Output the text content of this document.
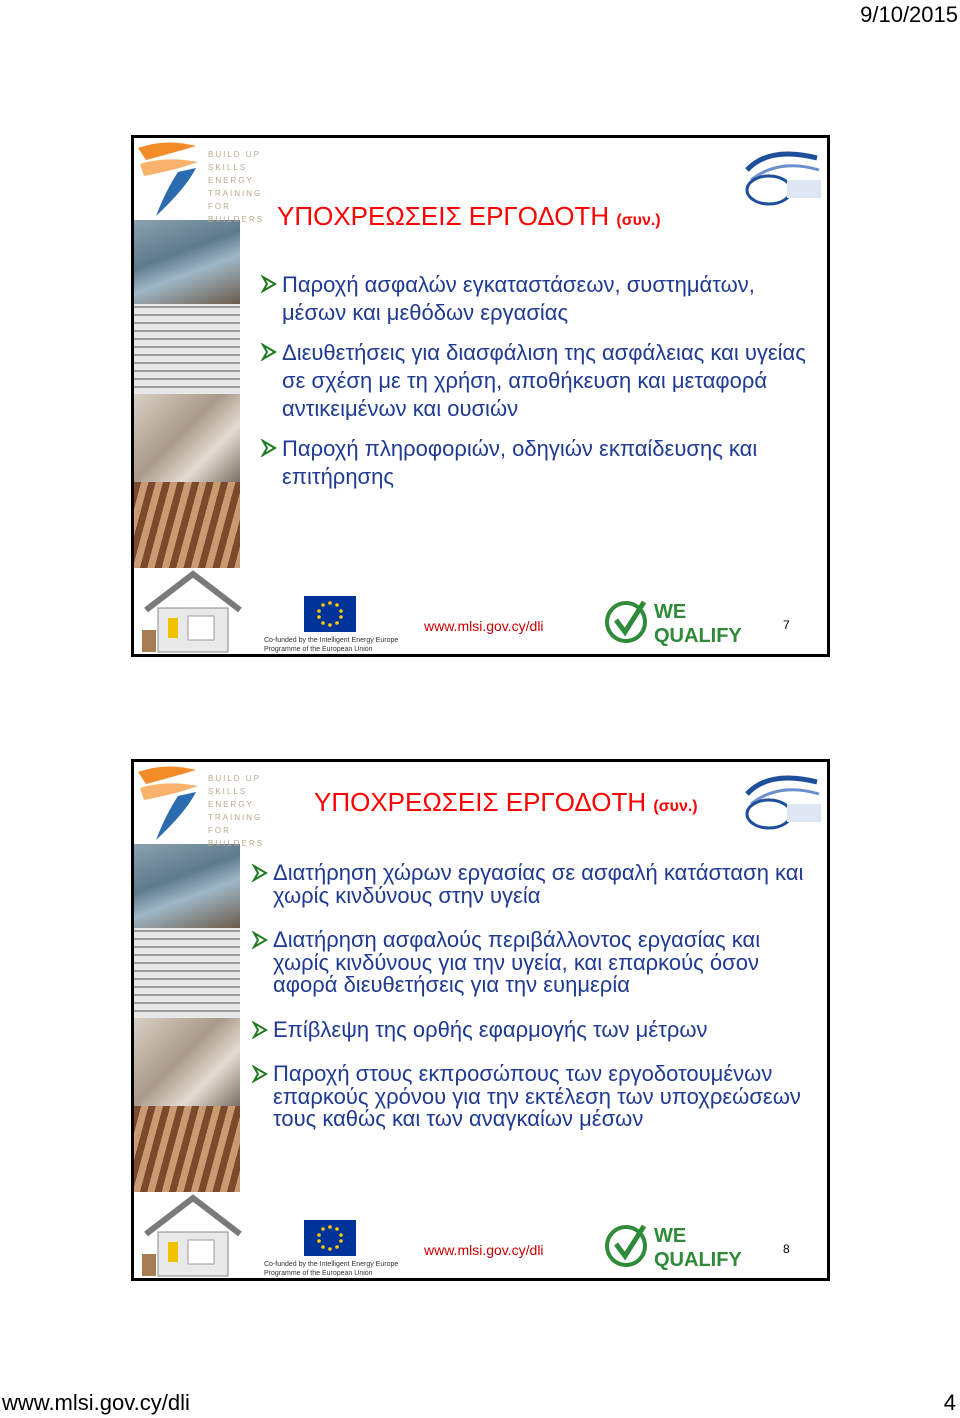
9/10/2015
BUILD UP
SKILLS
ENERGY TRAINING
FOR BUILDERS ΥΠΟΧΡΕΩΣΕΙΣ ΕΡΓΟΔΟΤΗ (συν.)
Παροχή ασφαλών εγκαταστάσεων, συστημάτων, μέσων και μεθόδων εργασίας
Διευθετήσεις για διασφάλιση της ασφάλειας και υγείας σε σχέση με τη χρήση, αποθήκευση και μεταφορά αντικειμένων και ουσιών
Παροχή πληροφοριών, οδηγιών εκπαίδευσης και επιτήρησης
Co-funded by the Intelligent Energy Europe Programme of the European Union
www.mlsi.gov.cy/dli
WE
QUALIFY	7
BUILD UP
SKILLS
ENERGY TRAINING
FOR BUILDERS
ΥΠΟΧΡΕΩΣΕΙΣ ΕΡΓΟΔΟΤΗ (συν.)
Διατήρηση χώρων εργασίας σε ασφαλή κατάσταση και χωρίς κινδύνους στην υγεία
Διατήρηση ασφαλούς περιβάλλοντος εργασίας και χωρίς κινδύνους για την υγεία, και επαρκούς όσον αφορά διευθετήσεις για την ευημερία
Επίβλεψη της ορθής εφαρμογής των μέτρων
Παροχή στους εκπροσώπους των εργοδοτουμένων επαρκούς χρόνου για την εκτέλεση των υποχρεώσεων τους καθώς και των αναγκαίων μέσων
Co-funded by the Intelligent Energy Europe Programme of the European Union
www.mlsi.gov.cy/dli
WE
QUALIFY	8
www.mlsi.gov.cy/dli	4
